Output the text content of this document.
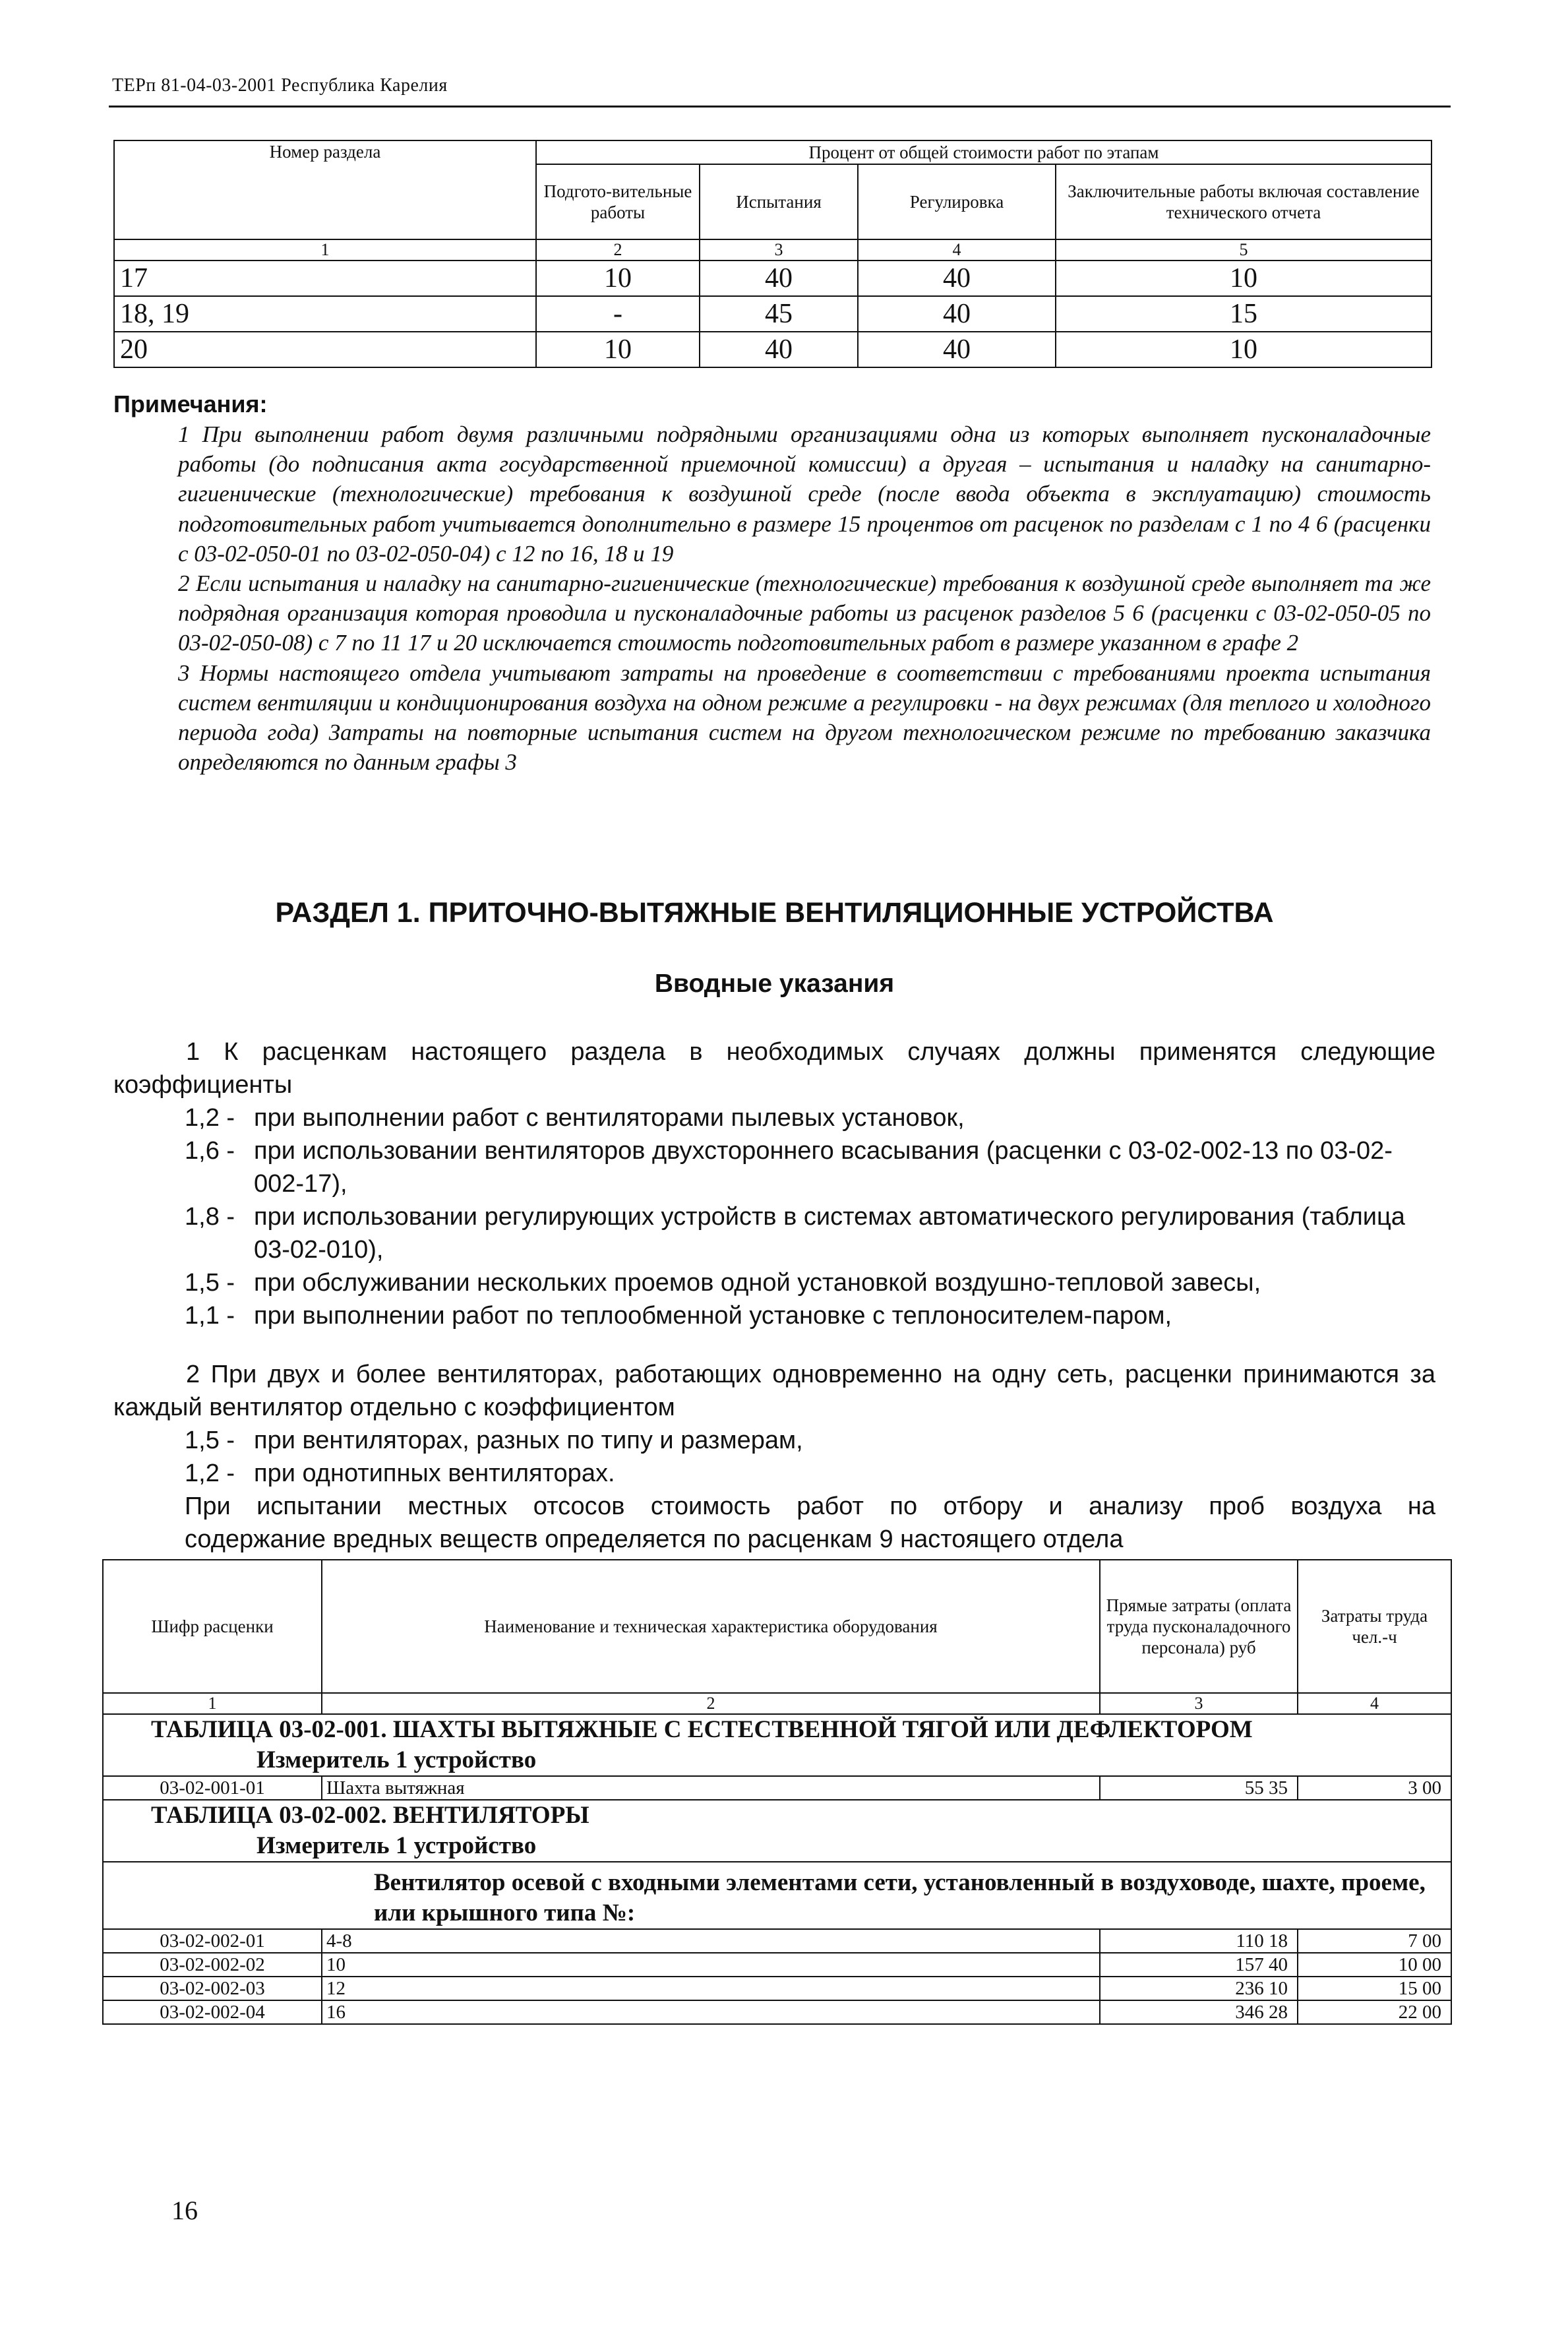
ТЕРп 81-04-03-2001 Республика Карелия
Номер раздела	Процент от общей стоимости работ по этапам			
	Подгото-вительные работы	Испытания	Регулировка	Заключительные работы включая составление технического отчета
1	2	3	4	5
17	10	40	40	10
18, 19	-	45	40	15
20	10	40	40	10
Примечания:

1 При выполнении работ двумя различными подрядными организациями одна из которых выполняет пусконаладочные работы (до подписания акта государственной приемочной комиссии) а другая – испытания и наладку на санитарно-гигиенические (технологические) требования к воздушной среде (после ввода объекта в эксплуатацию) стоимость подготовительных работ учитывается дополнительно в размере 15 процентов от расценок по разделам с 1 по 4 6 (расценки с 03-02-050-01 по 03-02-050-04) с 12 по 16, 18 и 19

2 Если испытания и наладку на санитарно-гигиенические (технологические) требования к воздушной среде выполняет та же подрядная организация которая проводила и пусконаладочные работы из расценок разделов 5 6 (расценки с 03-02-050-05 по 03-02-050-08) с 7 по 11 17 и 20 исключается стоимость подготовительных работ в размере указанном в графе 2

3 Нормы настоящего отдела учитывают затраты на проведение в соответствии с требованиями проекта испытания систем вентиляции и кондиционирования воздуха на одном режиме а регулировки - на двух режимах (для теплого и холодного периода года) Затраты на повторные испытания систем на другом технологическом режиме по требованию заказчика определяются по данным графы 3

РАЗДЕЛ 1. ПРИТОЧНО-ВЫТЯЖНЫЕ ВЕНТИЛЯЦИОННЫЕ УСТРОЙСТВА
Вводные указания
1 К расценкам настоящего раздела в необходимых случаях должны применятся следующие коэффициенты
1,2 - при выполнении работ с вентиляторами пылевых установок,
1,6 - при использовании вентиляторов двухстороннего всасывания (расценки с 03-02-002-13 по 03-02-002-17),
1,8 - при использовании регулирующих устройств в системах автоматического регулирования (таблица 03-02-010),
1,5 - при обслуживании нескольких проемов одной установкой воздушно-тепловой завесы,
1,1 - при выполнении работ по теплообменной установке с теплоносителем-паром,
2 При двух и более вентиляторах, работающих одновременно на одну сеть, расценки принимаются за каждый вентилятор отдельно с коэффициентом
1,5 - при вентиляторах, разных по типу и размерам,
1,2 - при однотипных вентиляторах.
При испытании местных отсосов стоимость работ по отбору и анализу проб воздуха на
содержание вредных веществ определяется по расценкам 9 настоящего отдела
Шифр расценки	Наименование и техническая характеристика оборудования	Прямые затраты (оплата труда пусконаладочного персонала) руб	Затраты труда чел.-ч
1	2	3	4
ТАБЛИЦА 03-02-001. ШАХТЫ ВЫТЯЖНЫЕ С ЕСТЕСТВЕННОЙ ТЯГОЙ ИЛИ ДЕФЛЕКТОРОМ
Измеритель 1 устройство			

03-02-001-01	Шахта вытяжная	55 35	3 00
ТАБЛИЦА 03-02-002. ВЕНТИЛЯТОРЫ
Измеритель 1 устройство			

Вентилятор осевой с входными элементами сети, установленный в воздуховоде, шахте, проеме, или крышного типа №:			
03-02-002-01	4-8	110 18	7 00
03-02-002-02	10	157 40	10 00
03-02-002-03	12	236 10	15 00
03-02-002-04	16	346 28	22 00
16
